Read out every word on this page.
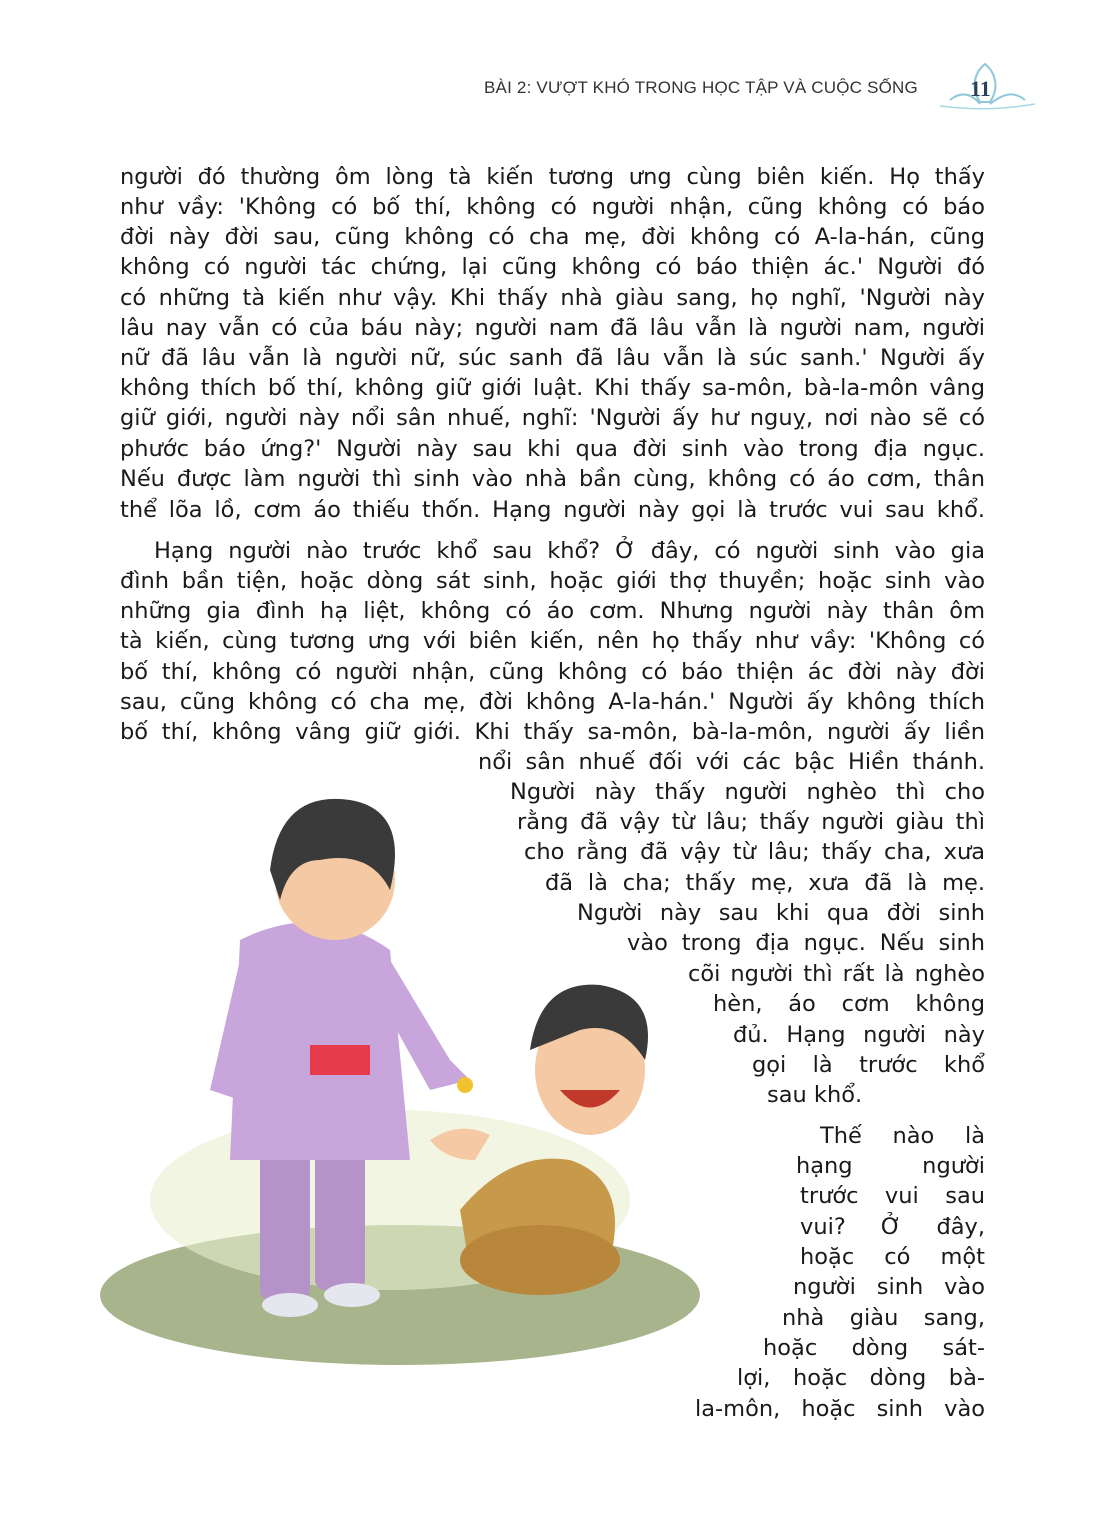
BÀI 2: VƯỢT KHÓ TRONG HỌC TẬP VÀ CUỘC SỐNG 11
người đó thường ôm lòng tà kiến tương ưng cùng biên kiến. Họ thấy
như vầy: 'Không có bố thí, không có người nhận, cũng không có báo
đời này đời sau, cũng không có cha mẹ, đời không có A-la-hán, cũng
không có người tác chứng, lại cũng không có báo thiện ác.' Người đó
có những tà kiến như vậy. Khi thấy nhà giàu sang, họ nghĩ, 'Người này
lâu nay vẫn có của báu này; người nam đã lâu vẫn là người nam, người
nữ đã lâu vẫn là người nữ, súc sanh đã lâu vẫn là súc sanh.' Người ấy
không thích bố thí, không giữ giới luật. Khi thấy sa-môn, bà-la-môn vâng
giữ giới, người này nổi sân nhuế, nghĩ: 'Người ấy hư nguỵ, nơi nào sẽ có
phước báo ứng?' Người này sau khi qua đời sinh vào trong địa ngục.
Nếu được làm người thì sinh vào nhà bần cùng, không có áo cơm, thân
thể lõa lồ, cơm áo thiếu thốn. Hạng người này gọi là trước vui sau khổ.
Hạng người nào trước khổ sau khổ? Ở đây, có người sinh vào gia
đình bần tiện, hoặc dòng sát sinh, hoặc giới thợ thuyền; hoặc sinh vào
những gia đình hạ liệt, không có áo cơm. Nhưng người này thân ôm
tà kiến, cùng tương ưng với biên kiến, nên họ thấy như vầy: 'Không có
bố thí, không có người nhận, cũng không có báo thiện ác đời này đời
sau, cũng không có cha mẹ, đời không A-la-hán.' Người ấy không thích
bố thí, không vâng giữ giới. Khi thấy sa-môn, bà-la-môn, người ấy liền
nổi sân nhuế đối với các bậc Hiền thánh.
Người này thấy người nghèo thì cho
rằng đã vậy từ lâu; thấy người giàu thì
cho rằng đã vậy từ lâu; thấy cha, xưa
đã là cha; thấy mẹ, xưa đã là mẹ.
Người này sau khi qua đời sinh
vào trong địa ngục. Nếu sinh
cõi người thì rất là nghèo
hèn, áo cơm không
đủ. Hạng người này
gọi là trước khổ
sau khổ.
Thế nào là
hạng người
trước vui sau
vui? Ở đây,
hoặc có một
người sinh vào
nhà giàu sang,
hoặc dòng sát-
lợi, hoặc dòng bà-
la-môn, hoặc sinh vào
